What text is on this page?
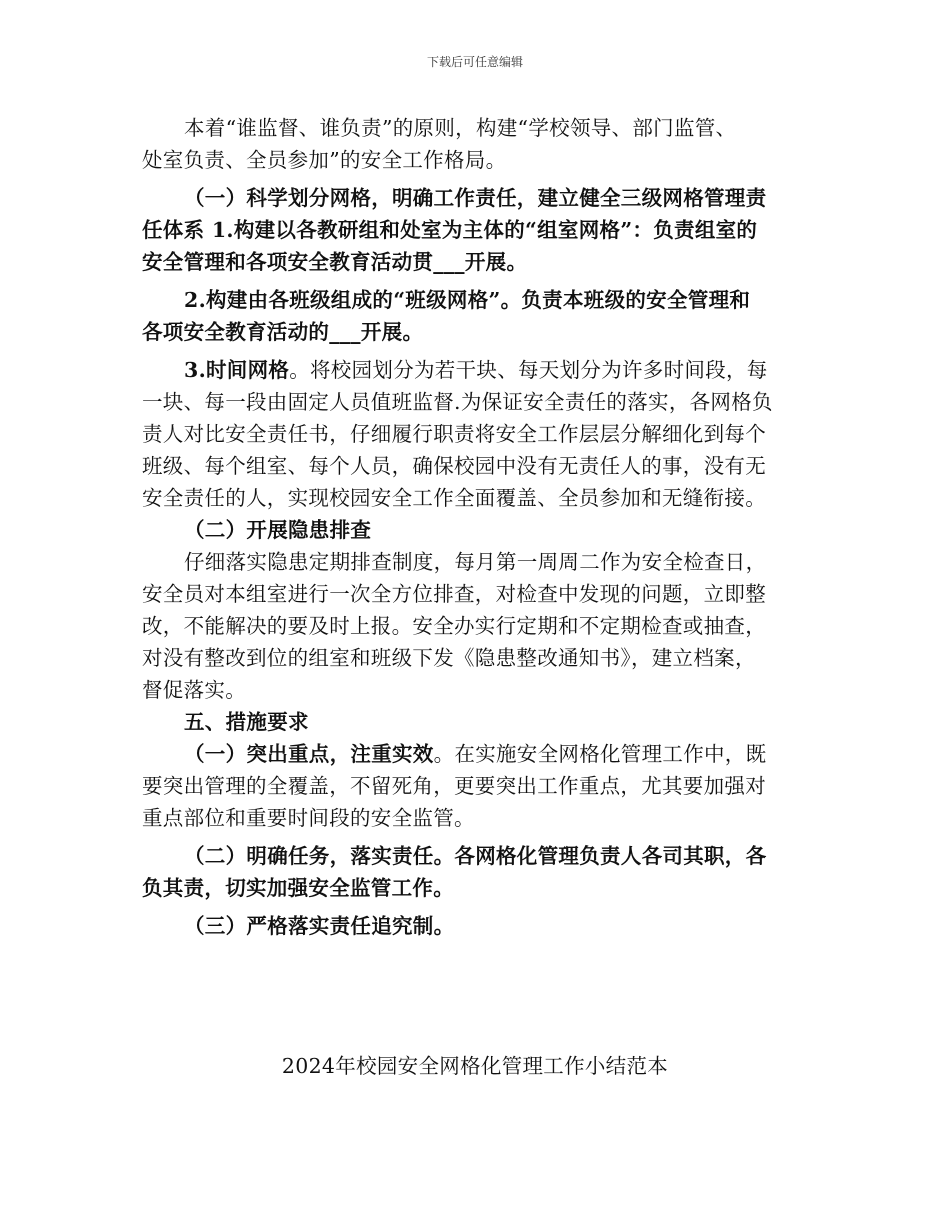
下载后可任意编辑
本着“谁监督、谁负责”的原则，构建“学校领导、部门监管、
处室负责、全员参加”的安全工作格局。
（一）科学划分网格，明确工作责任，建立健全三级网格管理责
任体系 1.构建以各教研组和处室为主体的“组室网格”：负责组室的
安全管理和各项安全教育活动贯___开展。
2.构建由各班级组成的“班级网格”。负责本班级的安全管理和
各项安全教育活动的___开展。
3.时间网格。将校园划分为若干块、每天划分为许多时间段，每
一块、每一段由固定人员值班监督.为保证安全责任的落实，各网格负
责人对比安全责任书，仔细履行职责将安全工作层层分解细化到每个
班级、每个组室、每个人员，确保校园中没有无责任人的事，没有无
安全责任的人，实现校园安全工作全面覆盖、全员参加和无缝衔接。
（二）开展隐患排查
仔细落实隐患定期排查制度，每月第一周周二作为安全检查日，
安全员对本组室进行一次全方位排查，对检查中发现的问题，立即整
改，不能解决的要及时上报。安全办实行定期和不定期检查或抽查，
对没有整改到位的组室和班级下发《隐患整改通知书》，建立档案，
督促落实。
五、措施要求
（一）突出重点，注重实效。在实施安全网格化管理工作中，既
要突出管理的全覆盖，不留死角，更要突出工作重点，尤其要加强对
重点部位和重要时间段的安全监管。
（二）明确任务，落实责任。各网格化管理负责人各司其职，各
负其责，切实加强安全监管工作。
（三）严格落实责任追究制。
2024年校园安全网格化管理工作小结范本
